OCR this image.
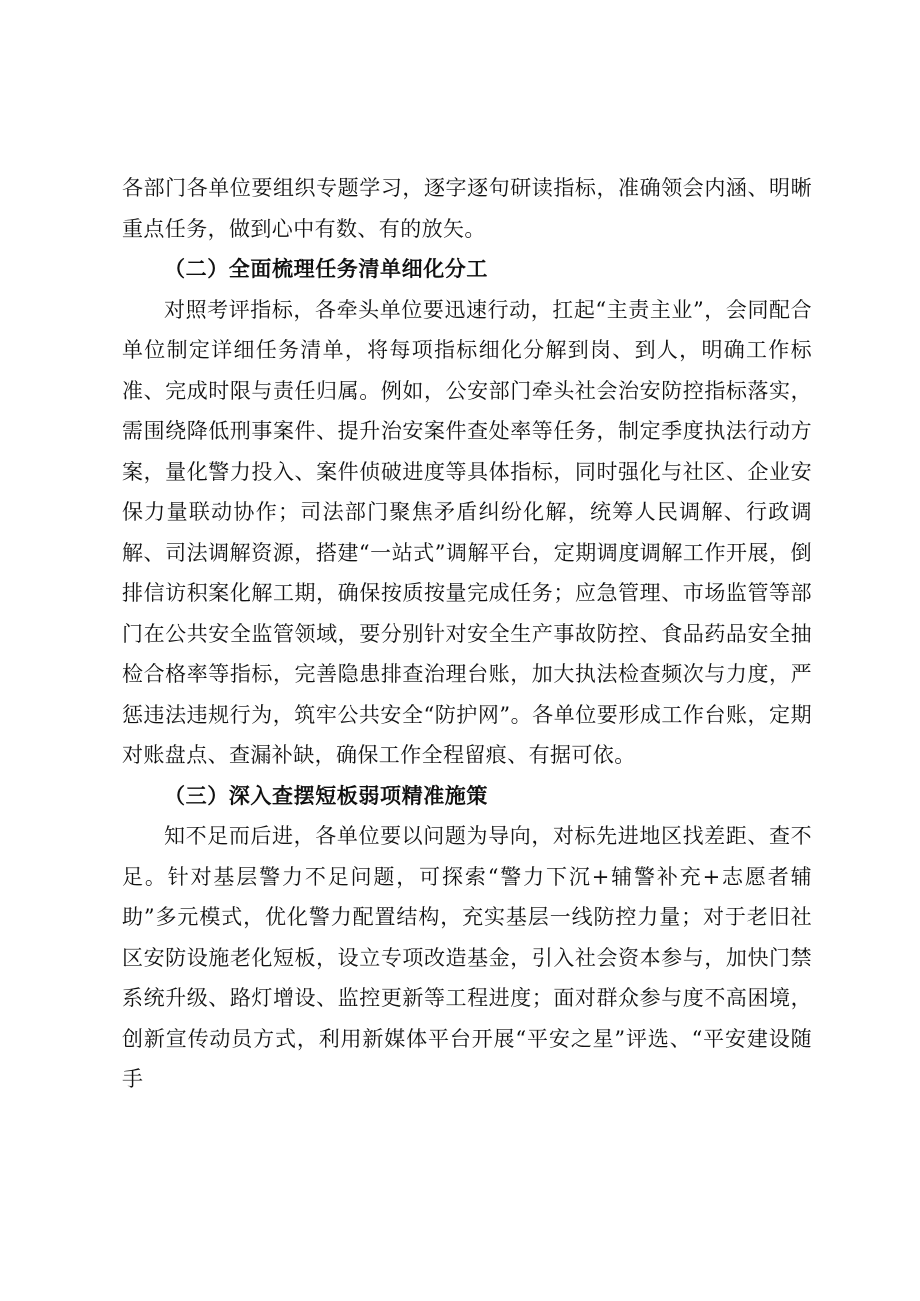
各部门各单位要组织专题学习，逐字逐句研读指标，准确领会内涵、明晰重点任务，做到心中有数、有的放矢。

（二）全面梳理任务清单细化分工

对照考评指标，各牵头单位要迅速行动，扛起“主责主业”，会同配合单位制定详细任务清单，将每项指标细化分解到岗、到人，明确工作标准、完成时限与责任归属。例如，公安部门牵头社会治安防控指标落实，需围绕降低刑事案件、提升治安案件查处率等任务，制定季度执法行动方案，量化警力投入、案件侦破进度等具体指标，同时强化与社区、企业安保力量联动协作；司法部门聚焦矛盾纠纷化解，统筹人民调解、行政调解、司法调解资源，搭建“一站式”调解平台，定期调度调解工作开展，倒排信访积案化解工期，确保按质按量完成任务；应急管理、市场监管等部门在公共安全监管领域，要分别针对安全生产事故防控、食品药品安全抽检合格率等指标，完善隐患排查治理台账，加大执法检查频次与力度，严惩违法违规行为，筑牢公共安全“防护网”。各单位要形成工作台账，定期对账盘点、查漏补缺，确保工作全程留痕、有据可依。

（三）深入查摆短板弱项精准施策

知不足而后进，各单位要以问题为导向，对标先进地区找差距、查不足。针对基层警力不足问题，可探索“警力下沉+辅警补充+志愿者辅助”多元模式，优化警力配置结构，充实基层一线防控力量；对于老旧社区安防设施老化短板，设立专项改造基金，引入社会资本参与，加快门禁系统升级、路灯增设、监控更新等工程进度；面对群众参与度不高困境，创新宣传动员方式，利用新媒体平台开展“平安之星”评选、“平安建设随手
